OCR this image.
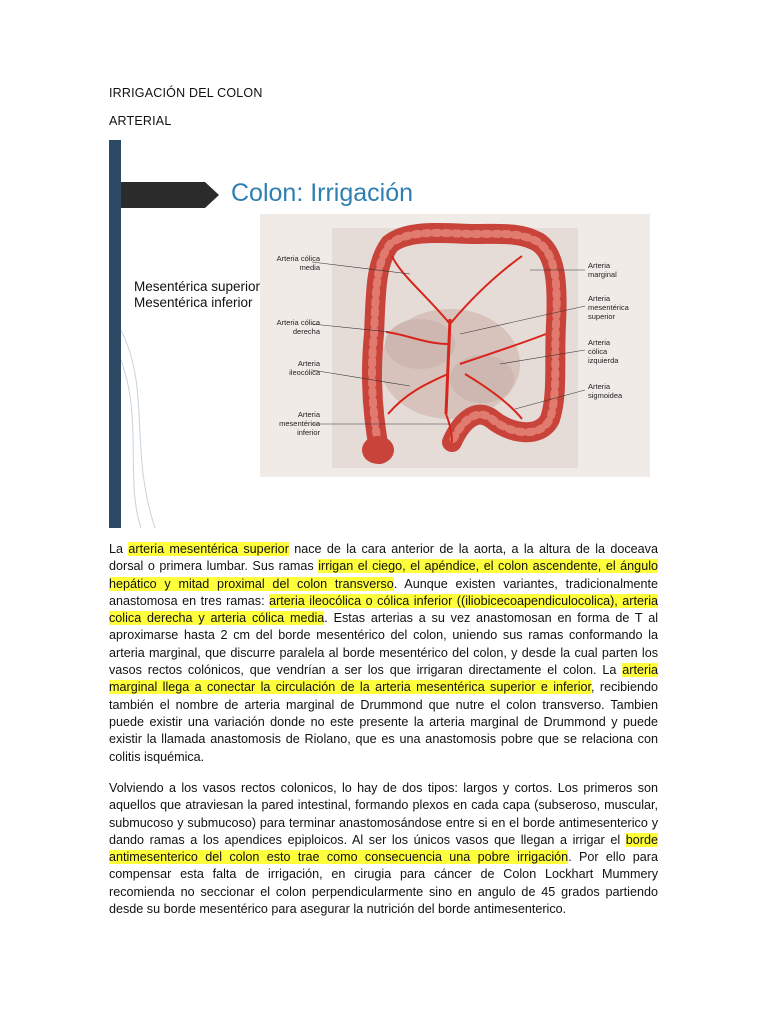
IRRIGACIÓN DEL COLON
ARTERIAL
Colon: Irrigación
Mesentérica superior
Mesentérica inferior
Arteria cólica
media
Arteria cólica
derecha
Arteria
ileocólica
Arteria
mesentérica
inferior
Arteria
marginal
Arteria
mesentérica
superior
Arteria
cólica
izquierda
Arteria
sigmoidea

La arteria mesentérica superior nace de la cara anterior de la aorta, a la altura de la doceava dorsal o primera lumbar. Sus ramas irrigan el ciego, el apéndice, el colon ascendente, el ángulo hepático y mitad proximal del colon transverso. Aunque existen variantes, tradicionalmente anastomosa en tres ramas: arteria ileocólica o cólica inferior ((iliobicecoapendiculocolica), arteria colica derecha y arteria cólica media. Estas arterias a su vez anastomosan en forma de T al aproximarse hasta 2 cm del borde mesentérico del colon, uniendo sus ramas conformando la arteria marginal, que discurre paralela al borde mesentérico del colon, y desde la cual parten los vasos rectos colónicos, que vendrían a ser los que irrigaran directamente el colon. La arteria marginal llega a conectar la circulación de la arteria mesentérica superior e inferior, recibiendo también el nombre de arteria marginal de Drummond que nutre el colon transverso. Tambien puede existir una variación donde no este presente la arteria marginal de Drummond y puede existir la llamada anastomosis de Riolano, que es una anastomosis pobre que se relaciona con colitis isquémica.

Volviendo a los vasos rectos colonicos, lo hay de dos tipos: largos y cortos. Los primeros son aquellos que atraviesan la pared intestinal, formando plexos en cada capa (subseroso, muscular, submucoso y submucoso) para terminar anastomosándose entre si en el borde antimesenterico y dando ramas a los apendices epiploicos. Al ser los únicos vasos que llegan a irrigar el borde antimesenterico del colon esto trae como consecuencia una pobre irrigación. Por ello para compensar esta falta de irrigación, en cirugia para cáncer de Colon Lockhart Mummery recomienda no seccionar el colon perpendicularmente sino en angulo de 45 grados partiendo desde su borde mesentérico para asegurar la nutrición del borde antimesenterico.
